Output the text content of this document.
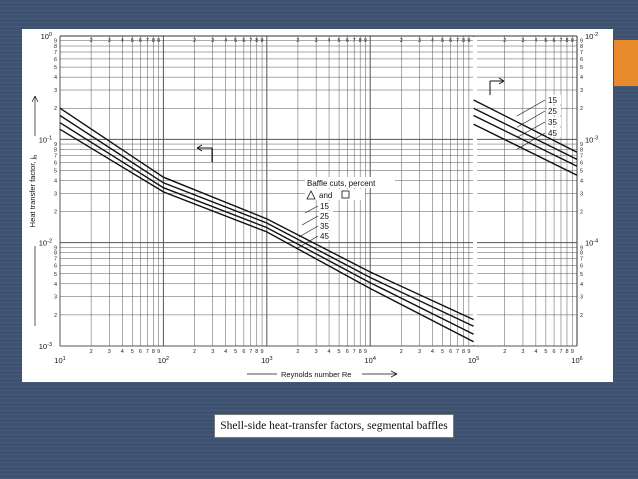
2
2
3
3
4
4
5
5
6
6
7
7
8
8
9
9
2
2
3
3
4
4
5
5
6
6
7
7
8
8
9
9
2
2
3
3
4
4
5
5
6
6
7
7
8
8
9
9
2
2
3
3
4
4
5
5
6
6
7
7
8
8
9
9
2
2
3
3
4
4
5
5
6
6
7
7
8
8
9
9
2	2
3	3
4	4
5	5
6	6
7	7
8	8
9	9
2	2
3	3
4	4
5	5
6	6
7	7
8	8
9	9
2	2
3	3
4	4
5	5
6	6
7	7
8	8
9	9
$10^1$	$10^2$	$10^3$	$10^4$	$10^5$	$10^6$
$10^0$
$10^{-1}$
$10^{-2}$
$10^{-3}$
$10^{-2}$
$10^{-3}$
$10^{-4}$
15
25
35
45
Baffle cuts, percent
and
15
25
35
45
Heat transfer factor, $j_h$
Reynolds number Re
Shell-side heat-transfer factors, segmental baffles
